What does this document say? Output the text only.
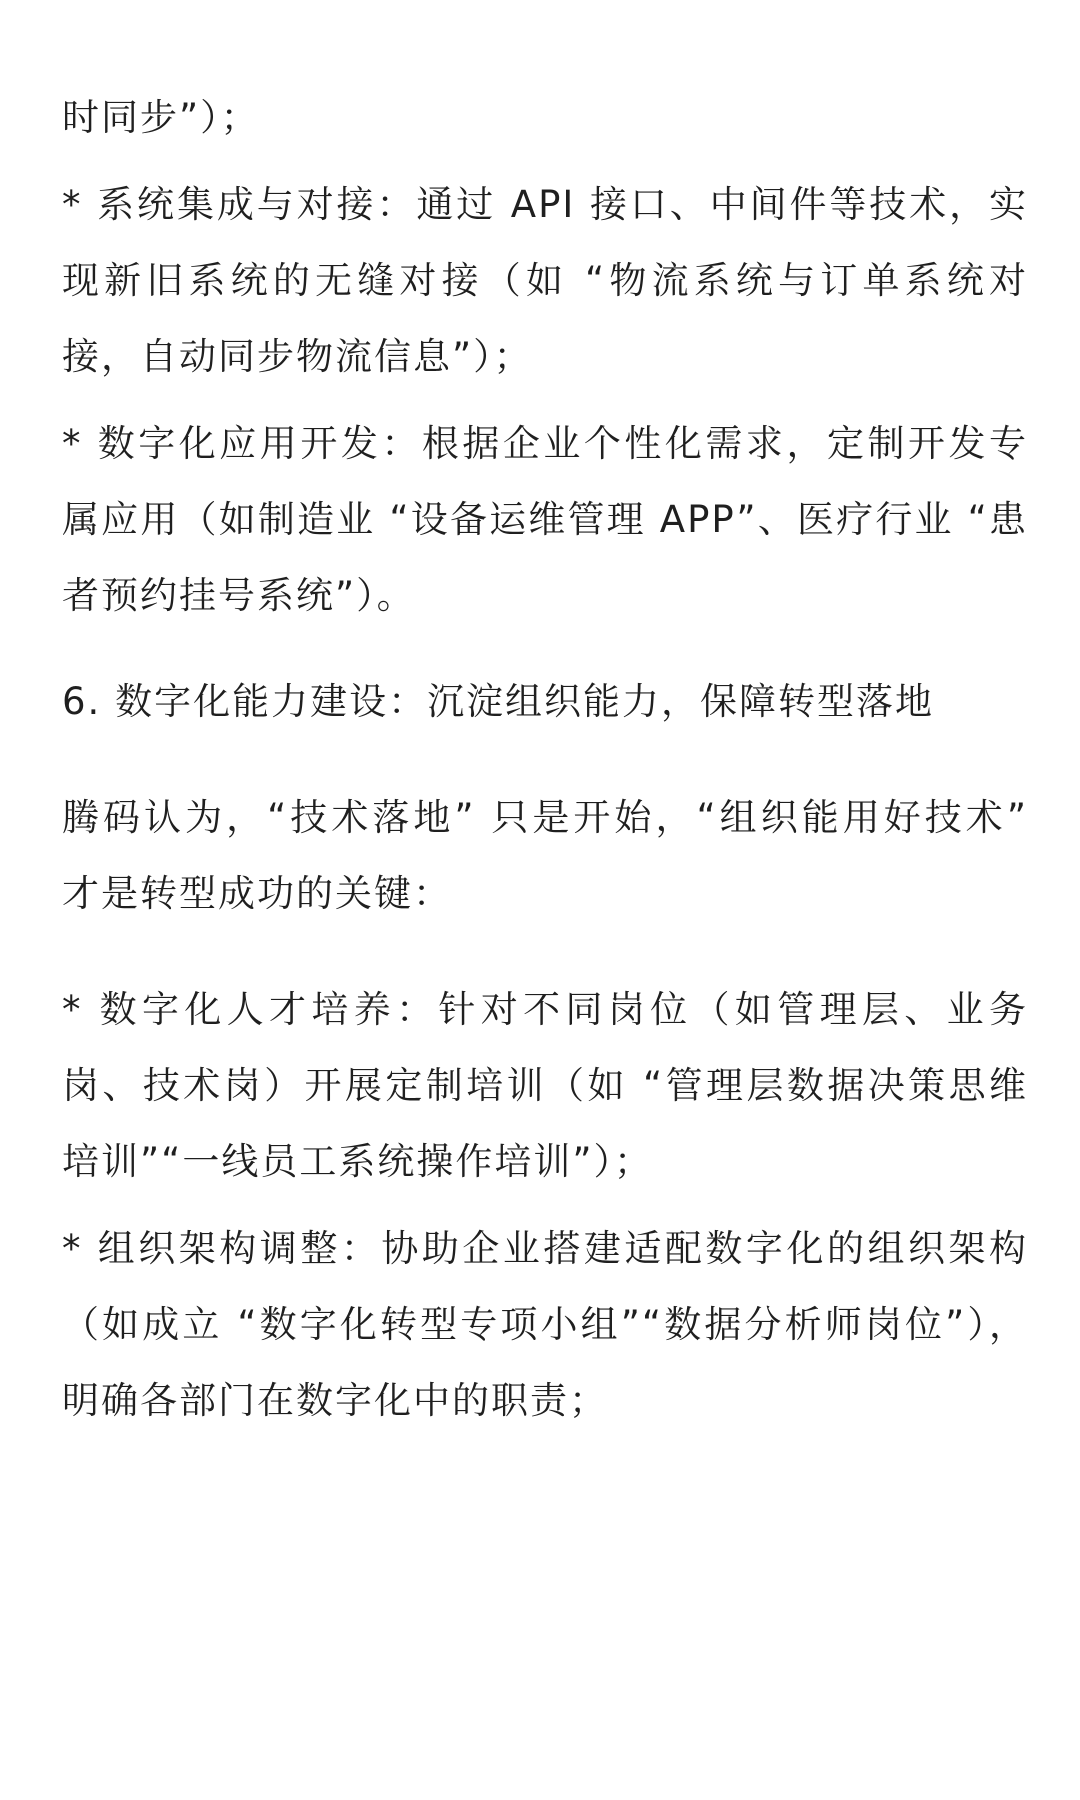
时同步”）；

* 系统集成与对接：通过 API 接口、中间件等技术，实现新旧系统的无缝对接（如 “物流系统与订单系统对接，自动同步物流信息”）；

* 数字化应用开发：根据企业个性化需求，定制开发专属应用（如制造业 “设备运维管理 APP”、医疗行业 “患者预约挂号系统”）。

6. 数字化能力建设：沉淀组织能力，保障转型落地

腾码认为，“技术落地” 只是开始，“组织能用好技术” 才是转型成功的关键：

* 数字化人才培养：针对不同岗位（如管理层、业务岗、技术岗）开展定制培训（如 “管理层数据决策思维培训”“一线员工系统操作培训”）；

* 组织架构调整：协助企业搭建适配数字化的组织架构（如成立 “数字化转型专项小组”“数据分析师岗位”），明确各部门在数字化中的职责；
